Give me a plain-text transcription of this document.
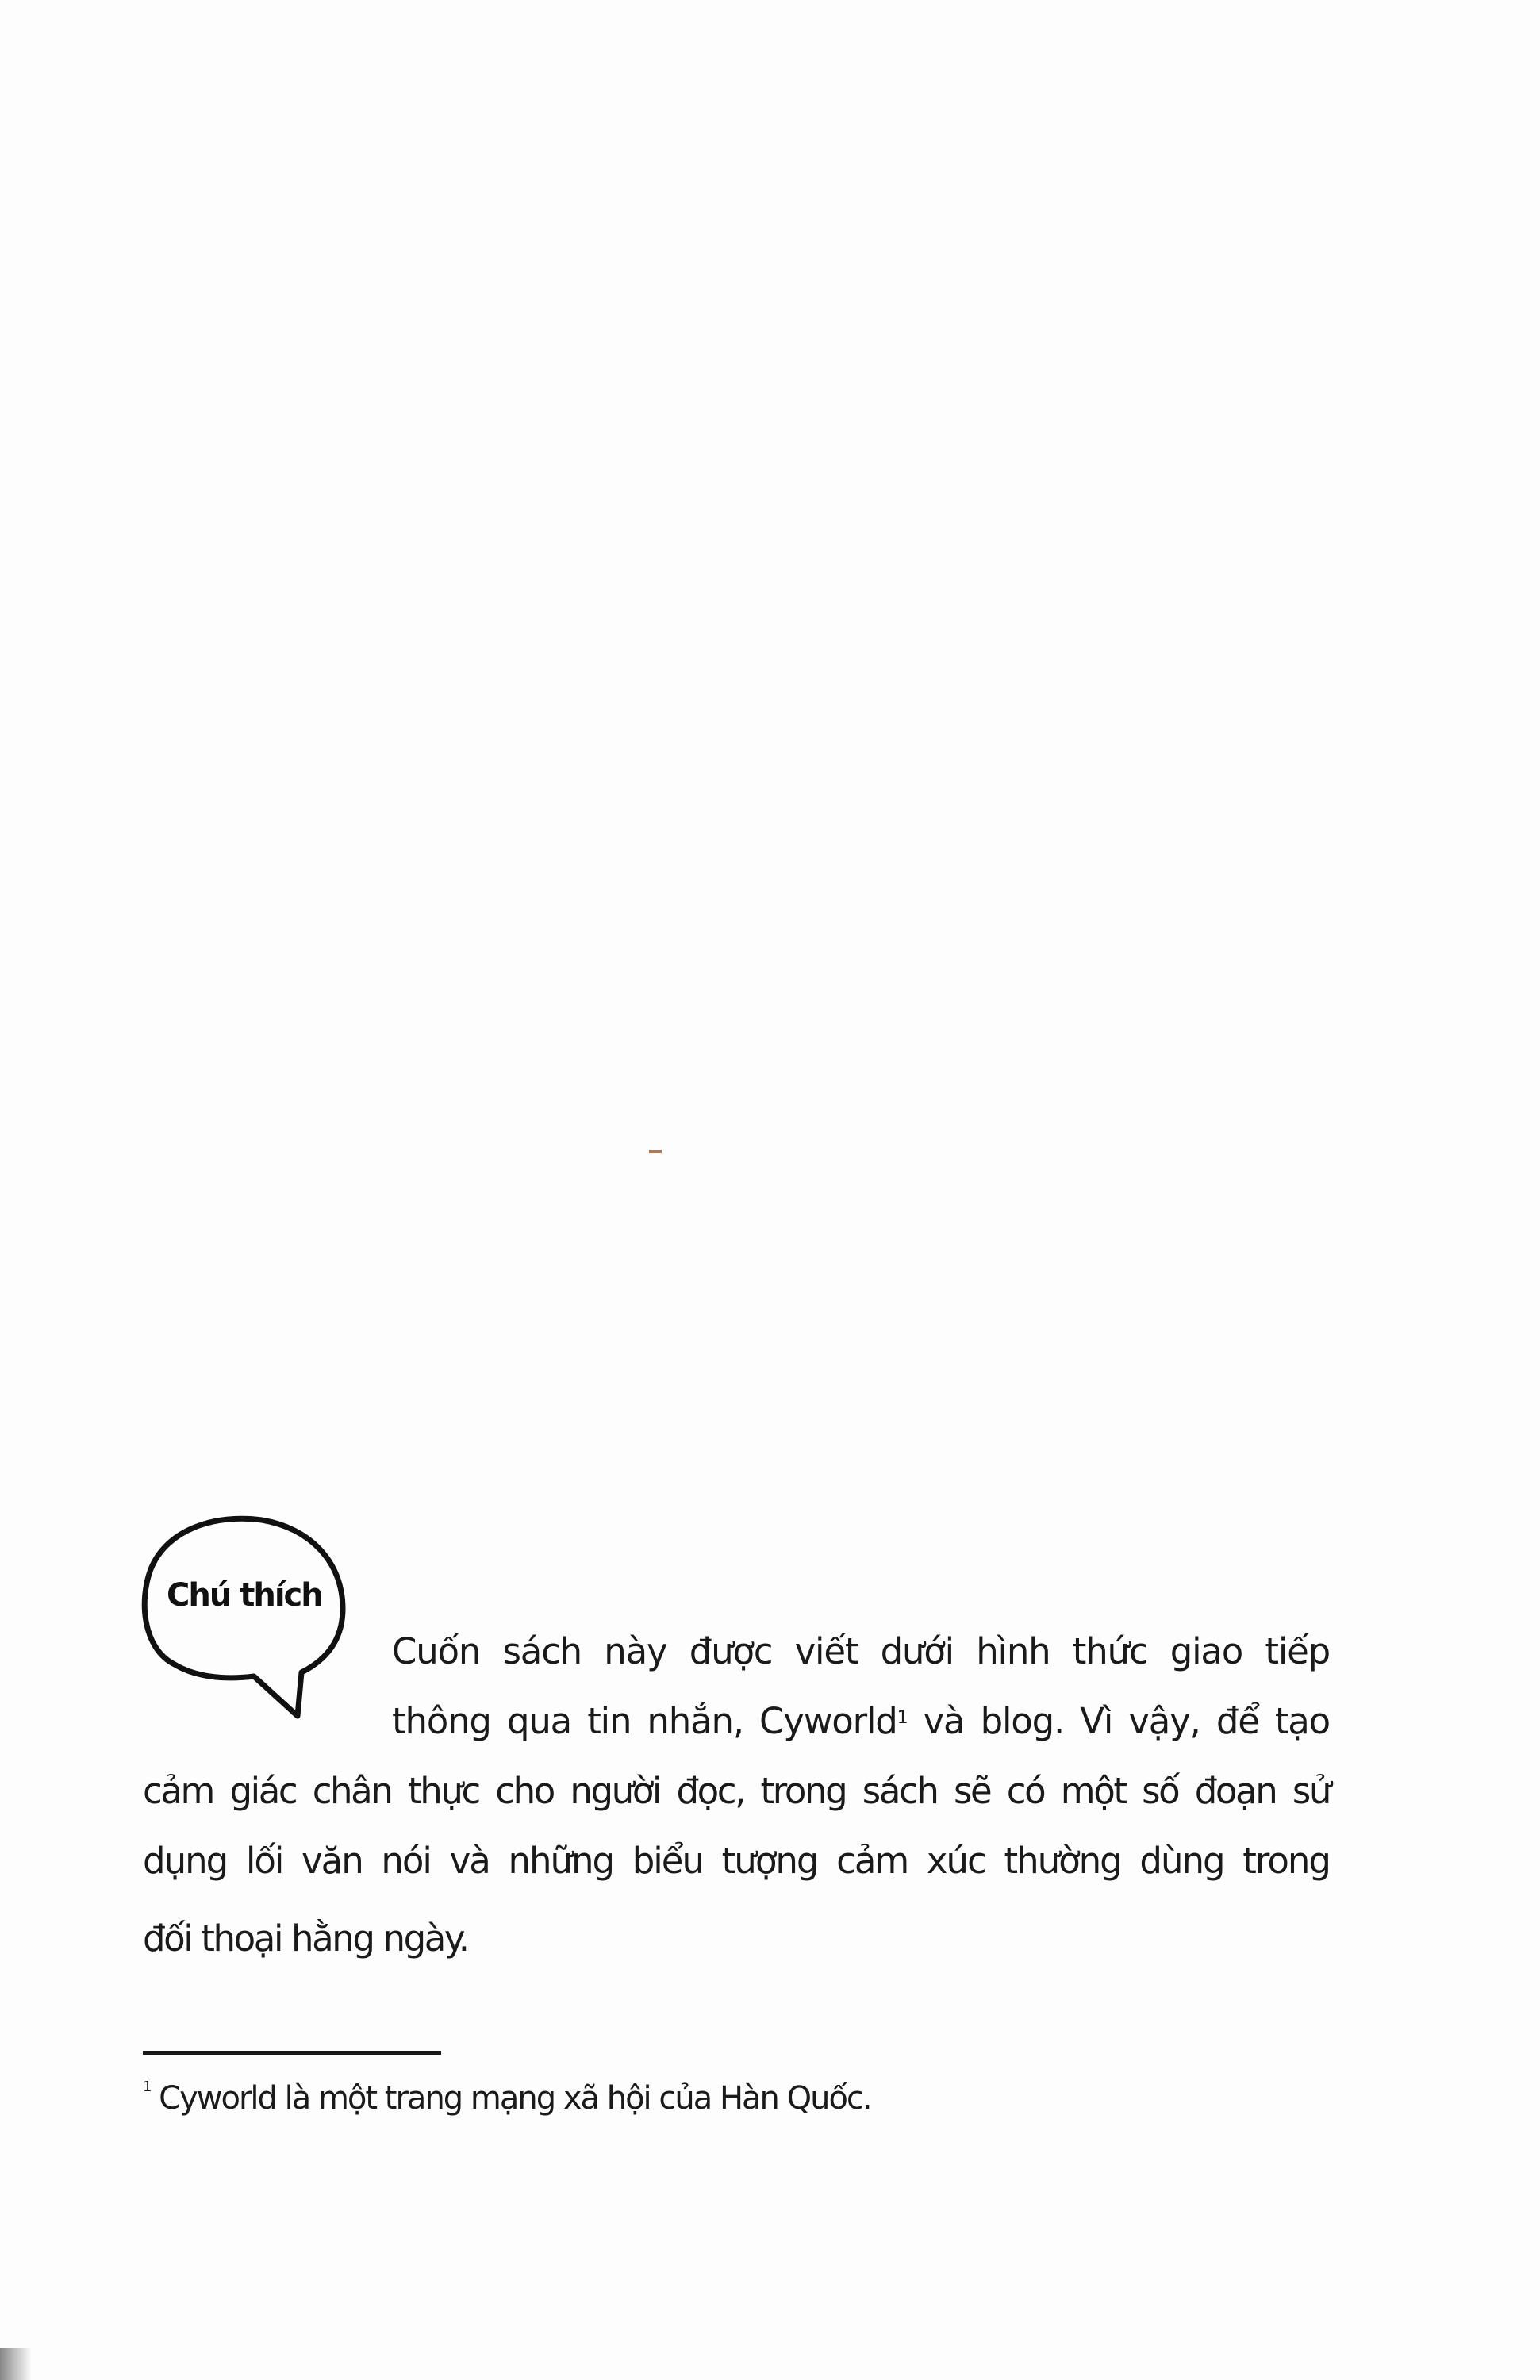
Chú thích
Cuốn sách này được viết dưới hình thức giao tiếp
thông qua tin nhắn, Cyworld$^1$ và blog. Vì vậy, để tạo
cảm giác chân thực cho người đọc, trong sách sẽ có một số đoạn sử
dụng lối văn nói và những biểu tượng cảm xúc thường dùng trong
đối thoại hằng ngày.
$^1$ Cyworld là một trang mạng xã hội của Hàn Quốc.
